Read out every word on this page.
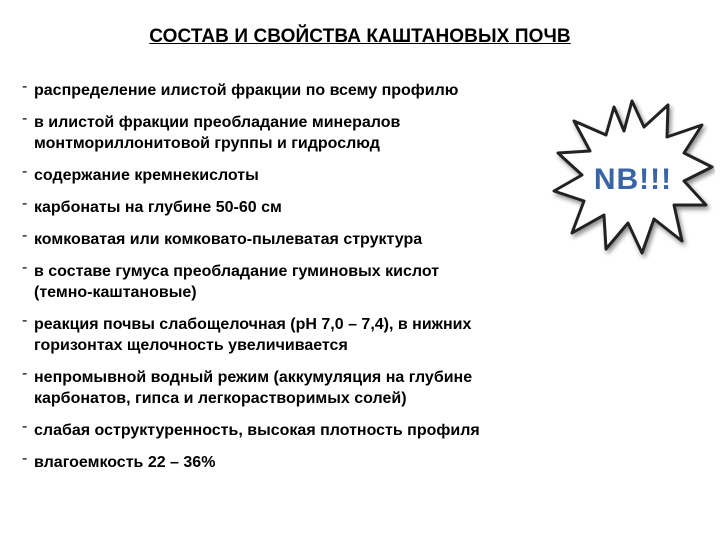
СОСТАВ И СВОЙСТВА КАШТАНОВЫХ ПОЧВ
- распределение илистой фракции по всему профилю
- в илистой фракции преобладание минералов
монтмориллонитовой группы и гидрослюд
- содержание кремнекислоты
- карбонаты на глубине 50-60 см
- комковатая или комковато-пылеватая структура
- в составе гумуса преобладание гуминовых кислот
(темно-каштановые)
- реакция почвы слабощелочная (рН 7,0 – 7,4), в нижних
горизонтах щелочность увеличивается
- непромывной водный режим (аккумуляция на глубине
карбонатов, гипса и легкорастворимых солей)
- слабая оструктуренность, высокая плотность профиля
- влагоемкость 22 – 36%
NB!!!
